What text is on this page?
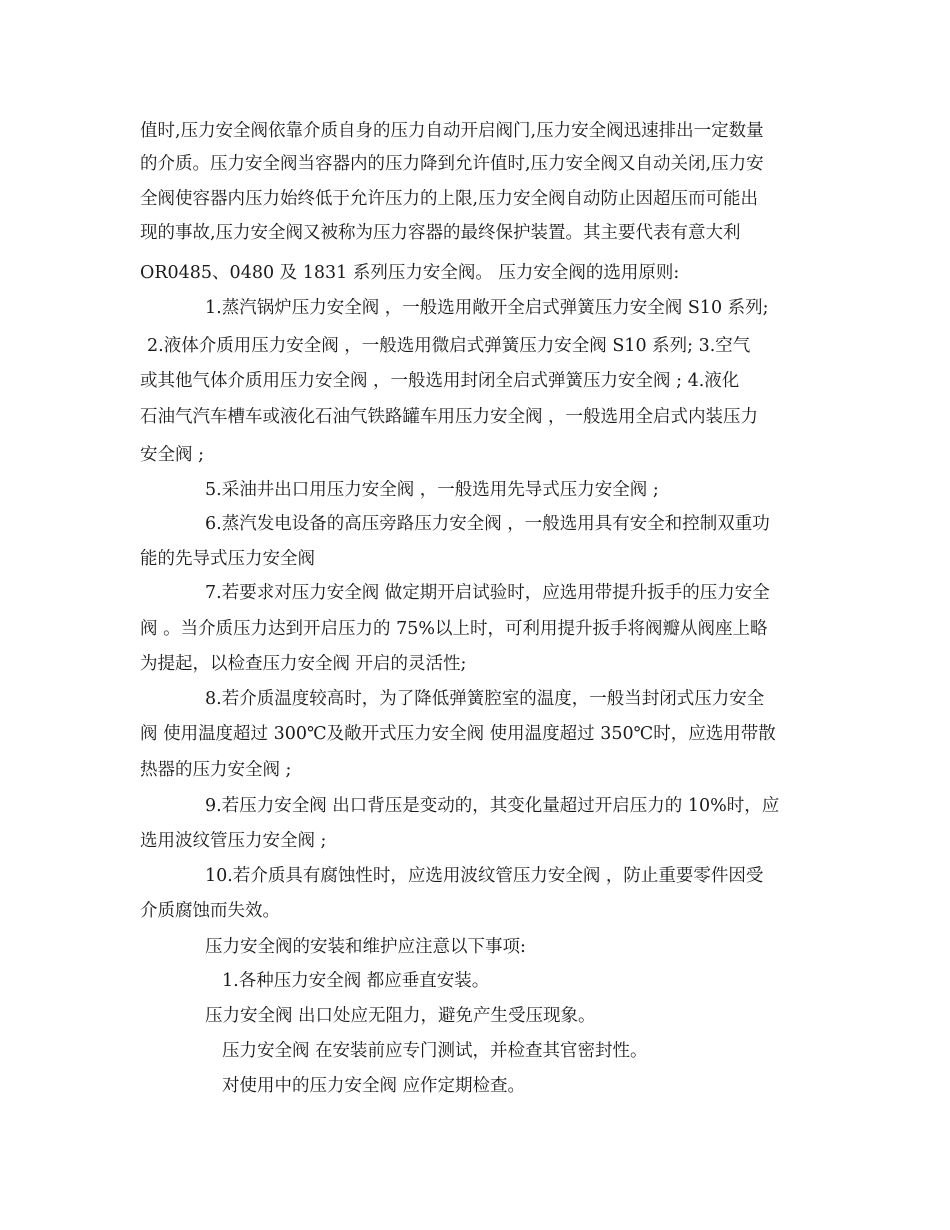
值时,压力安全阀依靠介质自身的压力自动开启阀门,压力安全阀迅速排出一定数量
的介质。压力安全阀当容器内的压力降到允许值时,压力安全阀又自动关闭,压力安
全阀使容器内压力始终低于允许压力的上限,压力安全阀自动防止因超压而可能出
现的事故,压力安全阀又被称为压力容器的最终保护装置。其主要代表有意大利
OR0485、0480 及 1831 系列压力安全阀。 压力安全阀的选用原则:
1.蒸汽锅炉压力安全阀 ，一般选用敞开全启式弹簧压力安全阀 S10 系列;
2.液体介质用压力安全阀 ，一般选用微启式弹簧压力安全阀 S10 系列; 3.空气
或其他气体介质用压力安全阀 ，一般选用封闭全启式弹簧压力安全阀 ; 4.液化
石油气汽车槽车或液化石油气铁路罐车用压力安全阀 ，一般选用全启式内装压力
安全阀 ;
5.采油井出口用压力安全阀 ，一般选用先导式压力安全阀 ;
6.蒸汽发电设备的高压旁路压力安全阀 ，一般选用具有安全和控制双重功
能的先导式压力安全阀
7.若要求对压力安全阀 做定期开启试验时，应选用带提升扳手的压力安全
阀 。当介质压力达到开启压力的 75%以上时，可利用提升扳手将阀瓣从阀座上略
为提起，以检查压力安全阀 开启的灵活性;
8.若介质温度较高时，为了降低弹簧腔室的温度，一般当封闭式压力安全
阀 使用温度超过 300℃及敞开式压力安全阀 使用温度超过 350℃时，应选用带散
热器的压力安全阀 ;
9.若压力安全阀 出口背压是变动的，其变化量超过开启压力的 10%时，应
选用波纹管压力安全阀 ;
10.若介质具有腐蚀性时，应选用波纹管压力安全阀 ，防止重要零件因受
介质腐蚀而失效。
压力安全阀的安装和维护应注意以下事项:
1.各种压力安全阀 都应垂直安装。
压力安全阀 出口处应无阻力，避免产生受压现象。
压力安全阀 在安装前应专门测试，并检查其官密封性。
对使用中的压力安全阀 应作定期检查。
